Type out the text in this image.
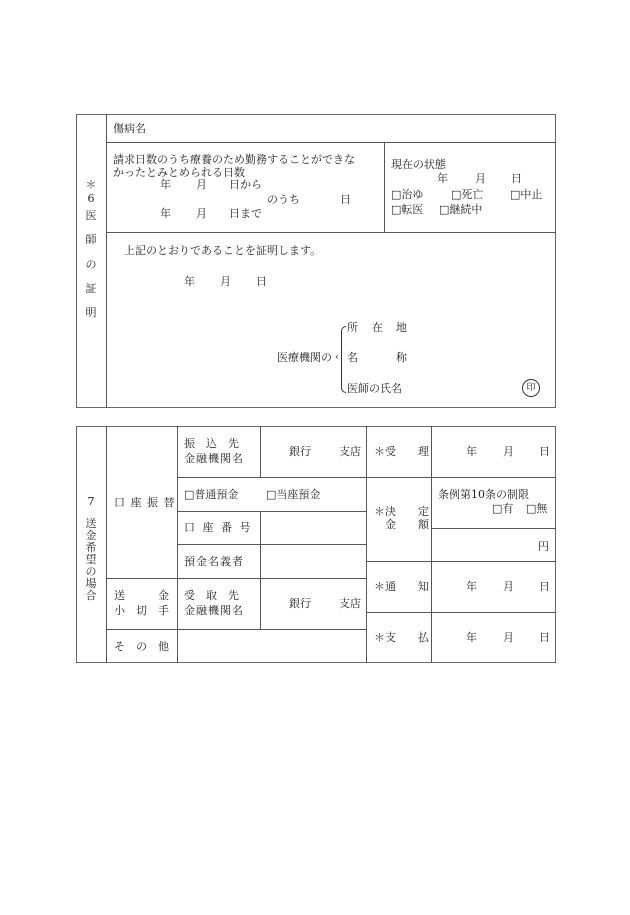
＊
6
医
師
の
証
明
傷病名
請求日数のうち療養のため勤務することができな
かったとみとめられる日数
年 月 日から
のうち	日
年 月 日まで
現在の状態
年 月 日
□治ゆ	□死亡 □中止
□転医 □継続中
上記のとおりであることを証明します。
年 月 日
医療機関の ‹
所 在 地
名	称
医師の氏名	印
7
送
金
希
望
の
場
合
口 座 振 替
振　込　先
金融機関名
銀行	支店
□普通預金	□当座預金
口 座 番 号
預金名義者
送　　　金
小　切　手
受　取　先
金融機関名
銀行	支店
そ　の　他
＊受　　理	年 月 日
＊決　　定
金　　額
条例第10条の制限
□有 □無
円
＊通　　知	年 月 日
＊支　　払	年 月 日
